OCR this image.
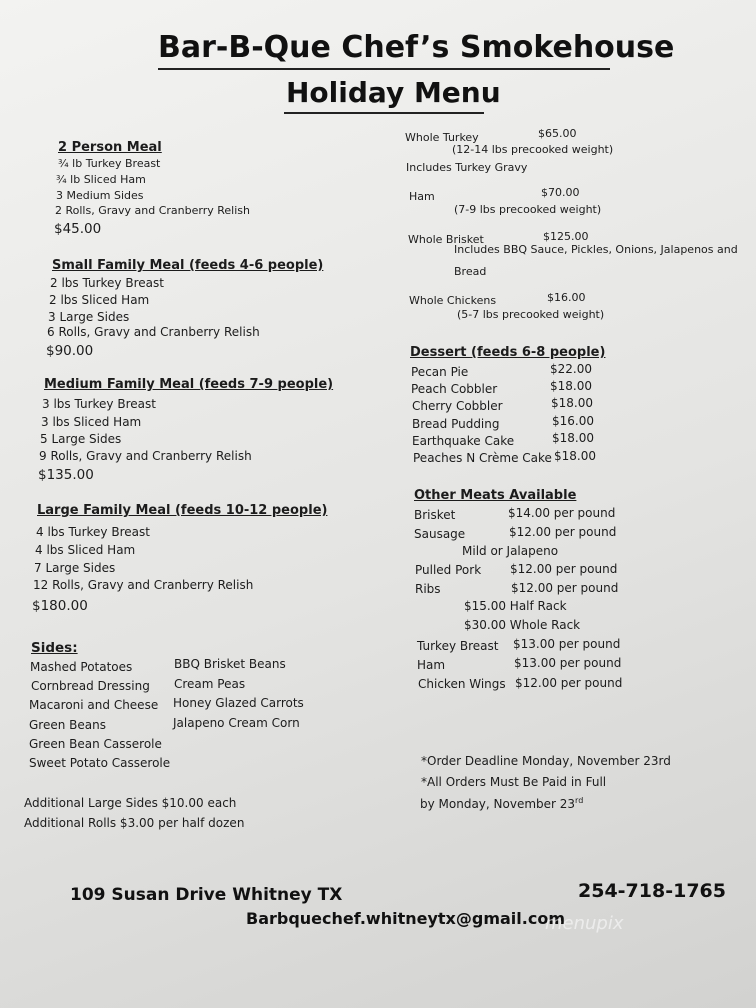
Bar-B-Que Chef’s Smokehouse
Holiday Menu
2 Person Meal
¾ lb Turkey Breast
¾ lb Sliced Ham
3 Medium Sides
2 Rolls, Gravy and Cranberry Relish
$45.00
Small Family Meal (feeds 4-6 people)
2 lbs Turkey Breast
2 lbs Sliced Ham
3 Large Sides
6 Rolls, Gravy and Cranberry Relish
$90.00
Medium Family Meal (feeds 7-9 people)
3 lbs Turkey Breast
3 lbs Sliced Ham
5 Large Sides
9 Rolls, Gravy and Cranberry Relish
$135.00
Large Family Meal (feeds 10-12 people)
4 lbs Turkey Breast
4 lbs Sliced Ham
7 Large Sides
12 Rolls, Gravy and Cranberry Relish
$180.00
Sides:
Mashed Potatoes
Cornbread Dressing
Macaroni and Cheese
Green Beans
Green Bean Casserole
Sweet Potato Casserole
BBQ Brisket Beans
Cream Peas
Honey Glazed Carrots
Jalapeno Cream Corn
Additional Large Sides $10.00 each
Additional Rolls $3.00 per half dozen
Whole Turkey	$65.00
(12-14 lbs precooked weight)
Includes Turkey Gravy
Ham	$70.00
(7-9 lbs precooked weight)
Whole Brisket	$125.00
Includes BBQ Sauce, Pickles, Onions, Jalapenos and
Bread
Whole Chickens	$16.00
(5-7 lbs precooked weight)
Dessert (feeds 6-8 people)
Pecan Pie	$22.00
Peach Cobbler	$18.00
Cherry Cobbler	$18.00
Bread Pudding	$16.00
Earthquake Cake	$18.00
Peaches N Crème Cake $18.00
Other Meats Available
Brisket	$14.00 per pound
Sausage	$12.00 per pound
Mild or Jalapeno
Pulled Pork $12.00 per pound
Ribs	$12.00 per pound
$15.00 Half Rack
$30.00 Whole Rack
Turkey Breast $13.00 per pound
Ham	$13.00 per pound
Chicken Wings $12.00 per pound
*Order Deadline Monday, November 23rd
*All Orders Must Be Paid in Full
by Monday, November 23rd
109 Susan Drive Whitney TX	254-718-1765
Barbquechef.whitneytx@gmail.com
menupix
